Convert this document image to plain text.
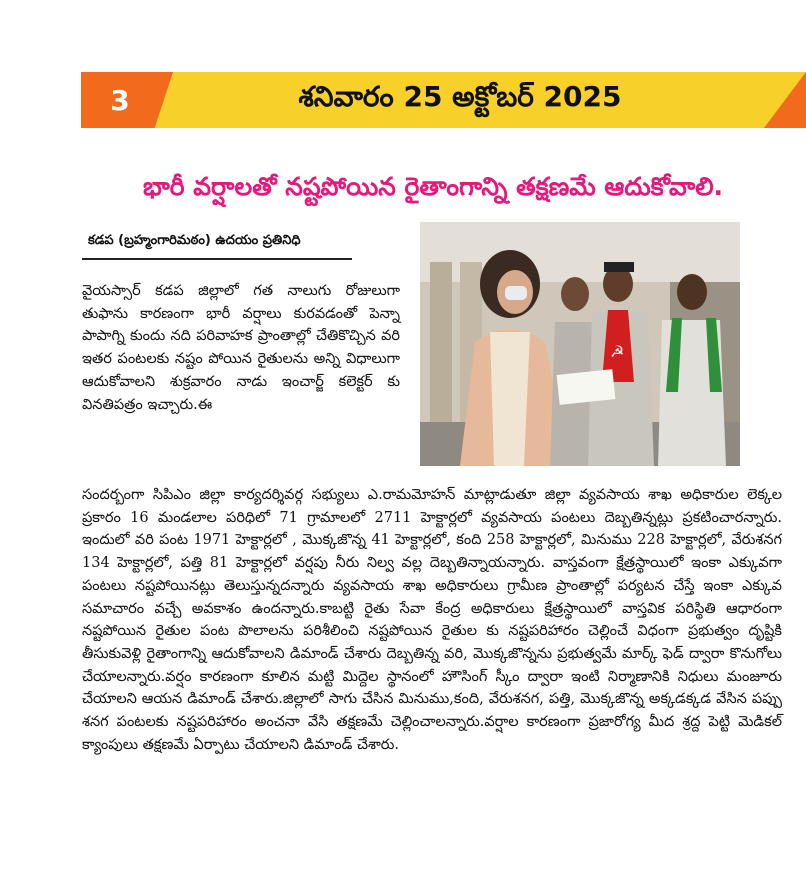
3	శనివారం 25 అక్టోబర్ 2025
భారీ వర్షాలతో నష్టపోయిన రైతాంగాన్ని తక్షణమే ఆదుకోవాలి.
కడప (బ్రహ్మంగారిమఠం) ఉదయం ప్రతినిధి
☭
వైయస్సార్ కడప జిల్లాలో గత నాలుగు రోజులుగా తుఫాను కారణంగా భారీ వర్షాలు కురవడంతో పెన్నా పాపాగ్ని కుందు నది పరివాహక ప్రాంతాల్లో చేతికొచ్చిన వరి ఇతర పంటలకు నష్టం పోయిన రైతులను అన్ని విధాలుగా ఆదుకోవాలని శుక్రవారం నాడు ఇంచార్జ్ కలెక్టర్ కు వినతిపత్రం ఇచ్చారు.ఈ
సందర్బంగా సిపిఎం జిల్లా కార్యదర్శివర్గ సభ్యులు ఎ.రామమోహన్ మాట్లాడుతూ జిల్లా వ్యవసాయ శాఖ అధికారుల లెక్కల ప్రకారం 16 మండలాల పరిధిలో 71 గ్రామాలలో 2711 హెక్టార్లలో వ్యవసాయ పంటలు దెబ్బతిన్నట్లు ప్రకటించారన్నారు. ఇందులో వరి పంట 1971 హెక్టార్లలో , మొక్కజొన్న 41 హెక్టార్లలో, కంది 258 హెక్టార్లలో, మినుము 228 హెక్టార్లలో, వేరుశనగ 134 హెక్టార్లలో, పత్తి 81 హెక్టార్లలో వర్షపు నీరు నిల్వ వల్ల దెబ్బతిన్నాయన్నారు. వాస్తవంగా క్షేత్రస్థాయిలో ఇంకా ఎక్కువగా పంటలు నష్టపోయినట్లు తెలుస్తున్నదన్నారు వ్యవసాయ శాఖ అధికారులు గ్రామీణ ప్రాంతాల్లో పర్యటన చేస్తే ఇంకా ఎక్కువ సమాచారం వచ్చే అవకాశం ఉందన్నారు.కాబట్టి రైతు సేవా కేంద్ర అధికారులు క్షేత్రస్థాయిలో వాస్తవిక పరిస్థితి ఆధారంగా నష్టపోయిన రైతుల పంట పొలాలను పరిశీలించి నష్టపోయిన రైతుల కు నష్టపరిహారం చెల్లించే విధంగా ప్రభుత్వం దృష్టికి తీసుకువెళ్లి రైతాంగాన్ని ఆదుకోవాలని డిమాండ్ చేశారు దెబ్బతిన్న వరి, మొక్కజొన్నను ప్రభుత్వమే మార్క్ ఫెడ్ ద్వారా కొనుగోలు చేయాలన్నారు.వర్షం కారణంగా కూలిన మట్టి మిద్దెల స్థానంలో హౌసింగ్ స్కీం ద్వారా ఇంటి నిర్మాణానికి నిధులు మంజూరు చేయాలని ఆయన డిమాండ్ చేశారు.జిల్లాలో సాగు చేసిన మినుము,కంది, వేరుశనగ, పత్తి, మొక్కజొన్న అక్కడక్కడ వేసిన పప్పు శనగ పంటలకు నష్టపరిహారం అంచనా వేసి తక్షణమే చెల్లించాలన్నారు.వర్షాల కారణంగా ప్రజారోగ్య మీద శ్రద్ద పెట్టి మెడికల్ క్యాంపులు తక్షణమే ఏర్పాటు చేయాలని డిమాండ్ చేశారు.
